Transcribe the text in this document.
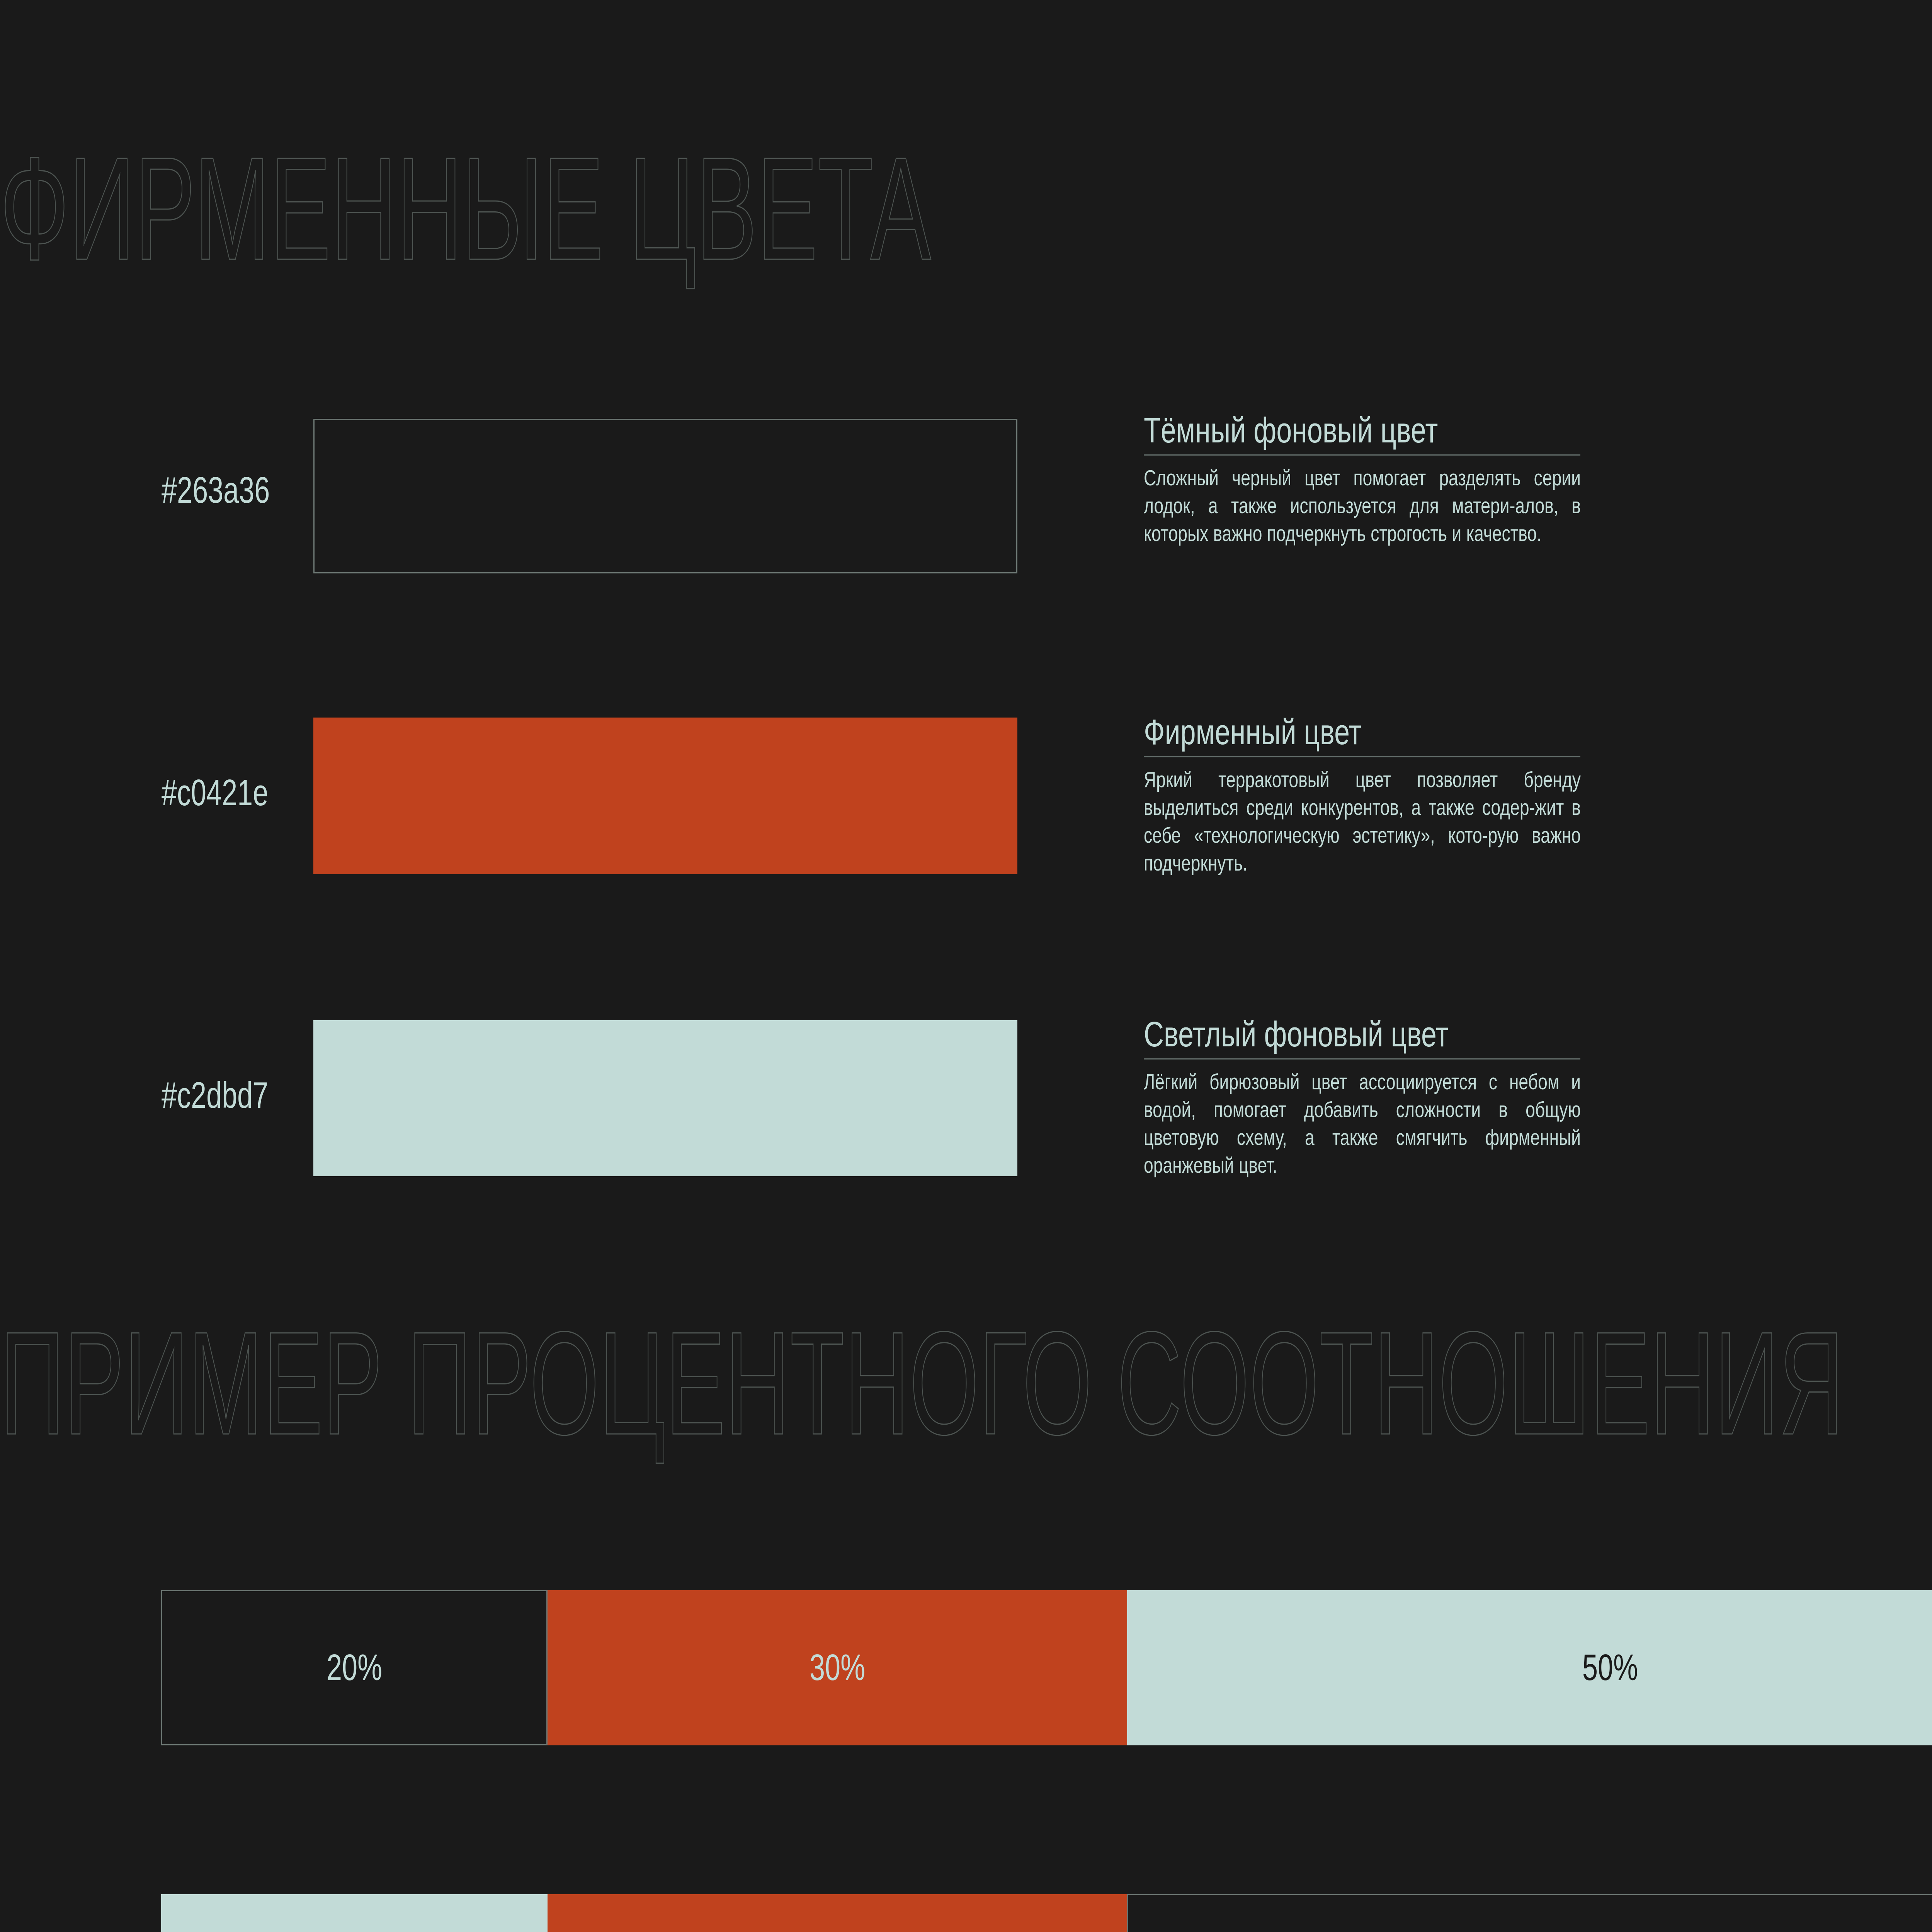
ФИРМЕННЫЕ ЦВЕТА
#263a36
Тёмный фоновый цвет
Сложный черный цвет помогает разделять серии лодок, а также используется для матери-алов, в которых важно подчеркнуть строгость и качество.
#c0421e
Фирменный цвет
Яркий терракотовый цвет позволяет бренду выделиться среди конкурентов, а также содер-жит в себе «технологическую эстетику», кото-рую важно подчеркнуть.
#c2dbd7
Светлый фоновый цвет
Лёгкий бирюзовый цвет ассоциируется с небом и водой, помогает добавить сложности в общую цветовую схему, а также смягчить фирменный оранжевый цвет.
ПРИМЕР ПРОЦЕНТНОГО СООТНОШЕНИЯ
20%	30%	50%
